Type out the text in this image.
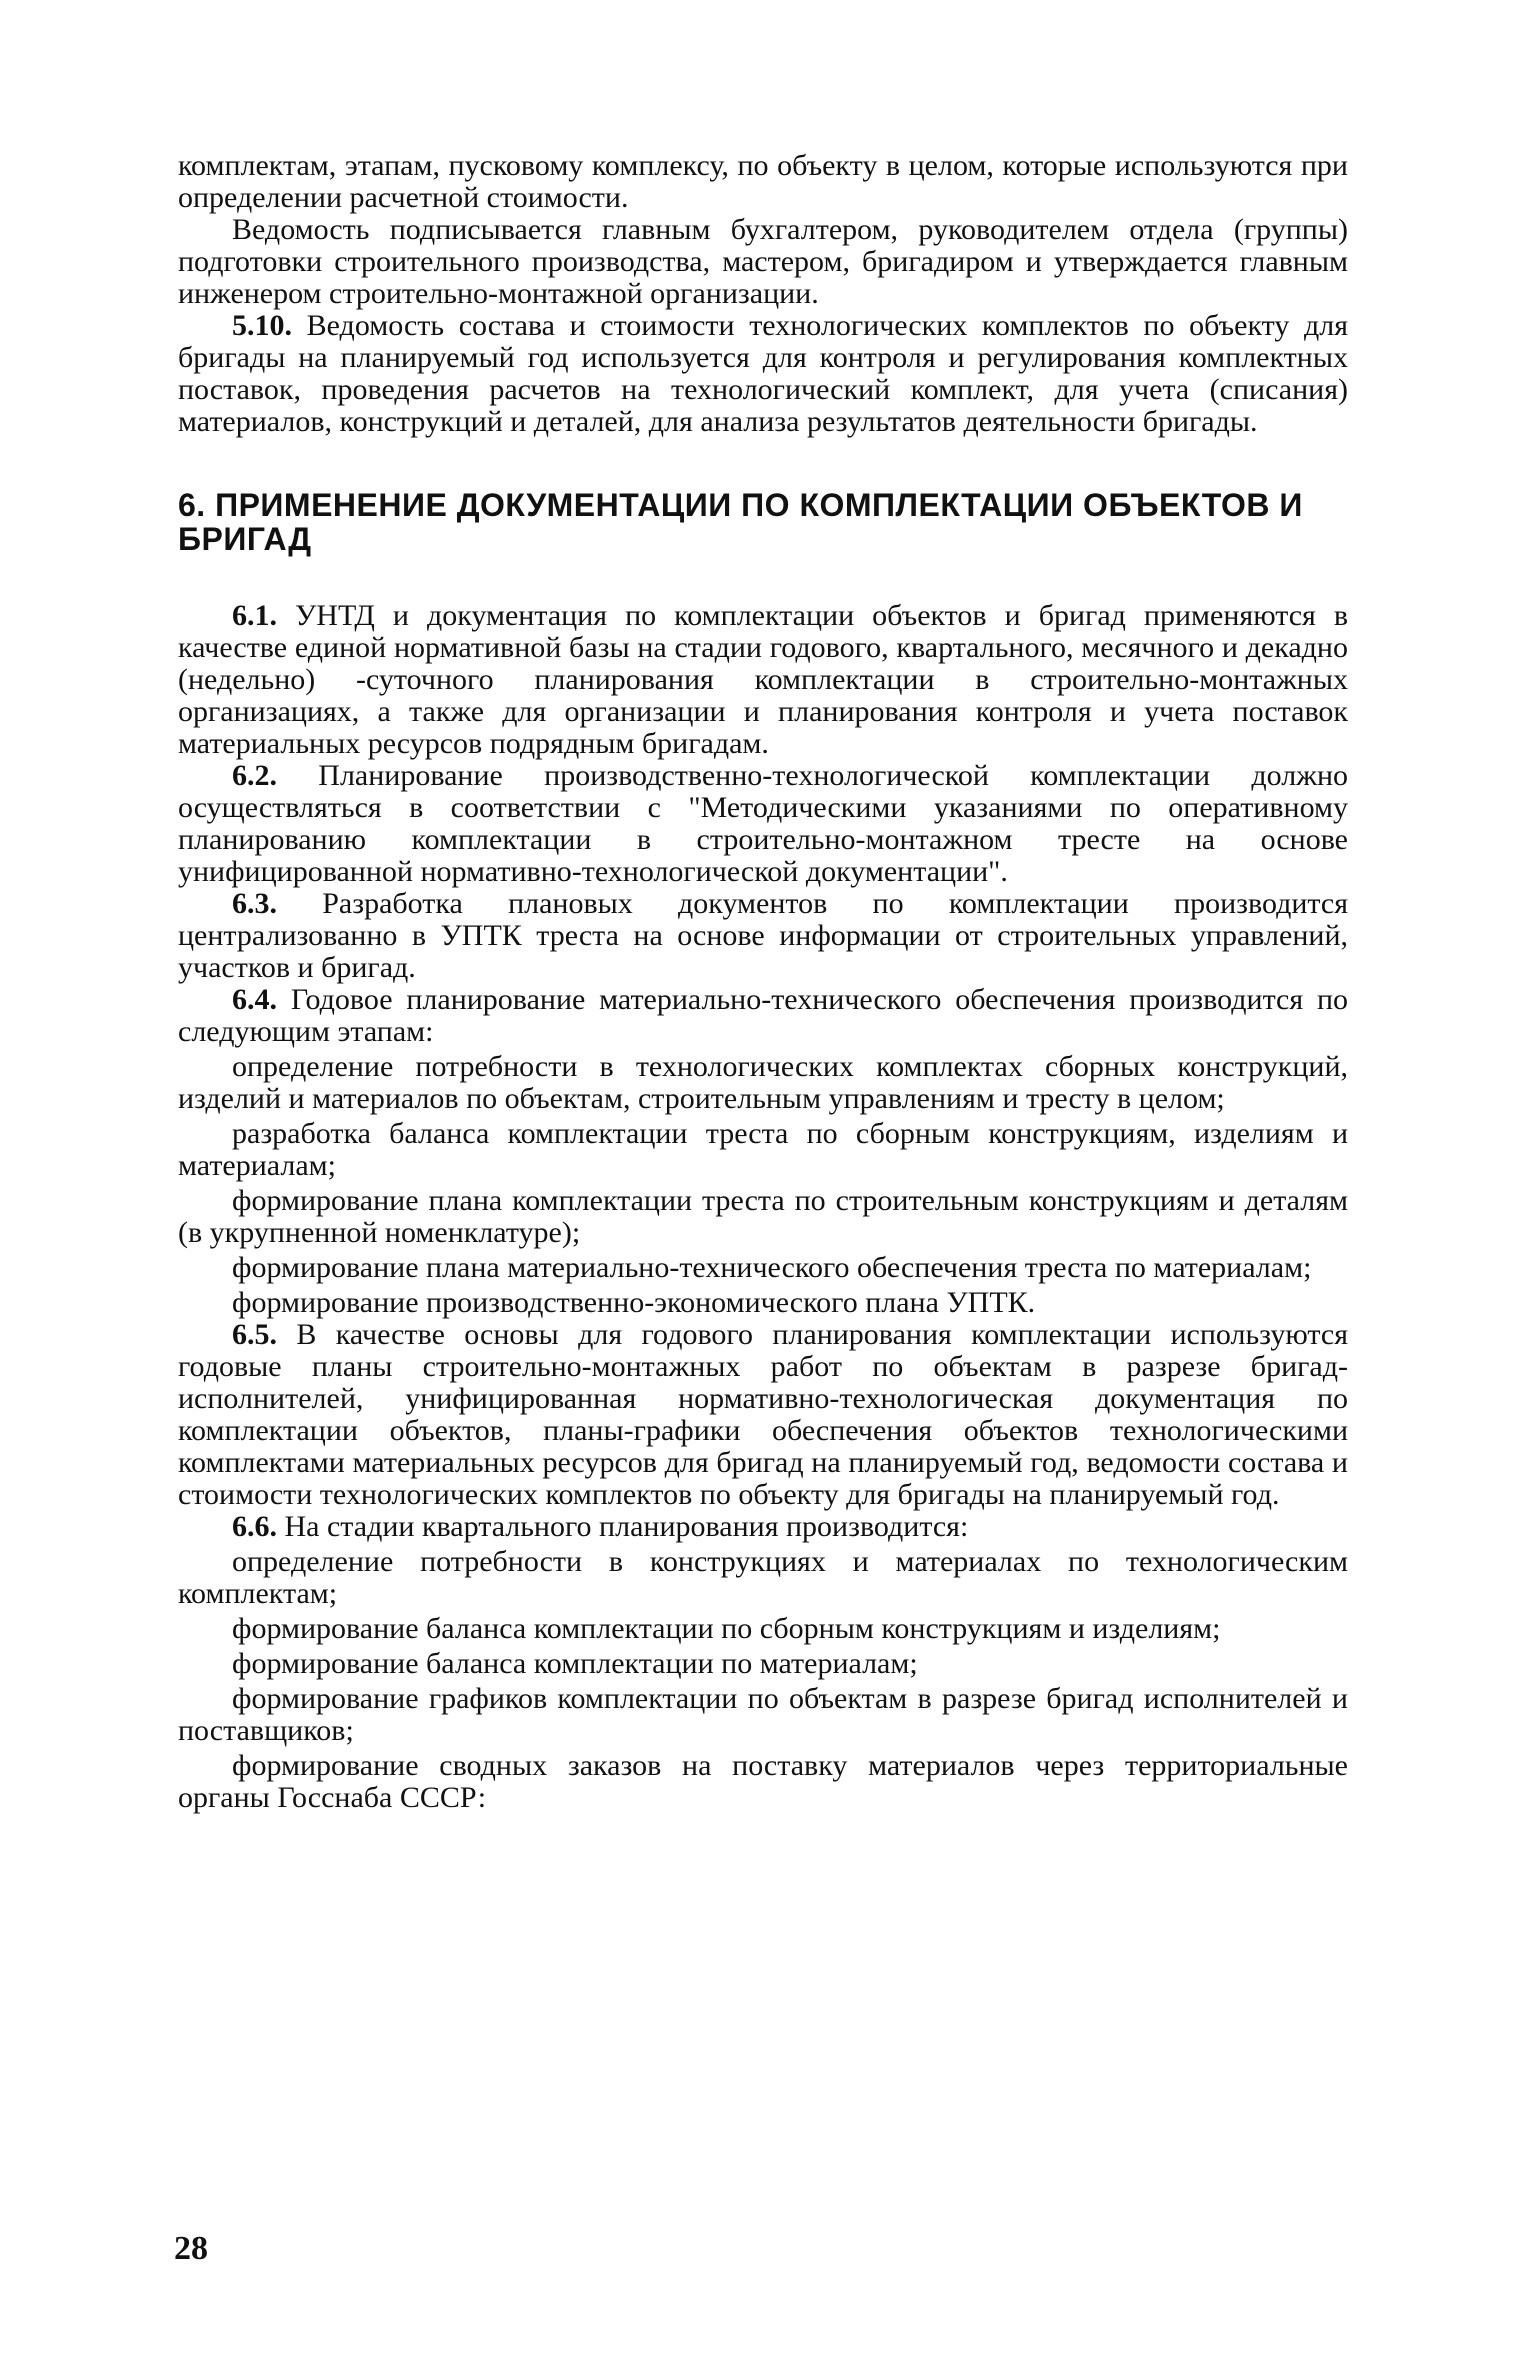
комплектам, этапам, пусковому комплексу, по объекту в целом, которые используются при определении расчетной стоимости.

Ведомость подписывается главным бухгалтером, руководителем отдела (группы) подготовки строительного производства, мастером, бригадиром и утверждается главным инженером строительно-монтажной организации.

5.10. Ведомость состава и стоимости технологических комплектов по объекту для бригады на планируемый год используется для контроля и регулирования комплектных поставок, проведения расчетов на технологический комплект, для учета (списания) материалов, конструкций и деталей, для анализа результатов деятельности бригады.

6. ПРИМЕНЕНИЕ ДОКУМЕНТАЦИИ ПО КОМПЛЕКТАЦИИ ОБЪЕКТОВ И БРИГАД

6.1. УНТД и документация по комплектации объектов и бригад применяются в качестве единой нормативной базы на стадии годового, квартального, месячного и декадно (недельно) -суточного планирования комплектации в строительно-монтажных организациях, а также для организации и планирования контроля и учета поставок материальных ресурсов подрядным бригадам.

6.2. Планирование производственно-технологической комплектации должно осуществляться в соответствии с "Методическими указаниями по оперативному планированию комплектации в строительно-монтажном тресте на основе унифицированной нормативно-технологической документации".

6.3. Разработка плановых документов по комплектации производится централизованно в УПТК треста на основе информации от строительных управлений, участков и бригад.

6.4. Годовое планирование материально-технического обеспечения производится по следующим этапам:

определение потребности в технологических комплектах сборных конструкций, изделий и материалов по объектам, строительным управлениям и тресту в целом;

разработка баланса комплектации треста по сборным конструкциям, изделиям и материалам;

формирование плана комплектации треста по строительным конструкциям и деталям (в укрупненной номенклатуре);

формирование плана материально-технического обеспечения треста по материалам;

формирование производственно-экономического плана УПТК.

6.5. В качестве основы для годового планирования комплектации используются годовые планы строительно-монтажных работ по объектам в разрезе бригад-исполнителей, унифицированная нормативно-технологическая документация по комплектации объектов, планы-графики обеспечения объектов технологическими комплектами материальных ресурсов для бригад на планируемый год, ведомости состава и стоимости технологических комплектов по объекту для бригады на планируемый год.

6.6. На стадии квартального планирования производится:

определение потребности в конструкциях и материалах по технологическим комплектам;

формирование баланса комплектации по сборным конструкциям и изделиям;

формирование баланса комплектации по материалам;

формирование графиков комплектации по объектам в разрезе бригад исполнителей и поставщиков;

формирование сводных заказов на поставку материалов через территориальные органы Госснаба СССР:

28
